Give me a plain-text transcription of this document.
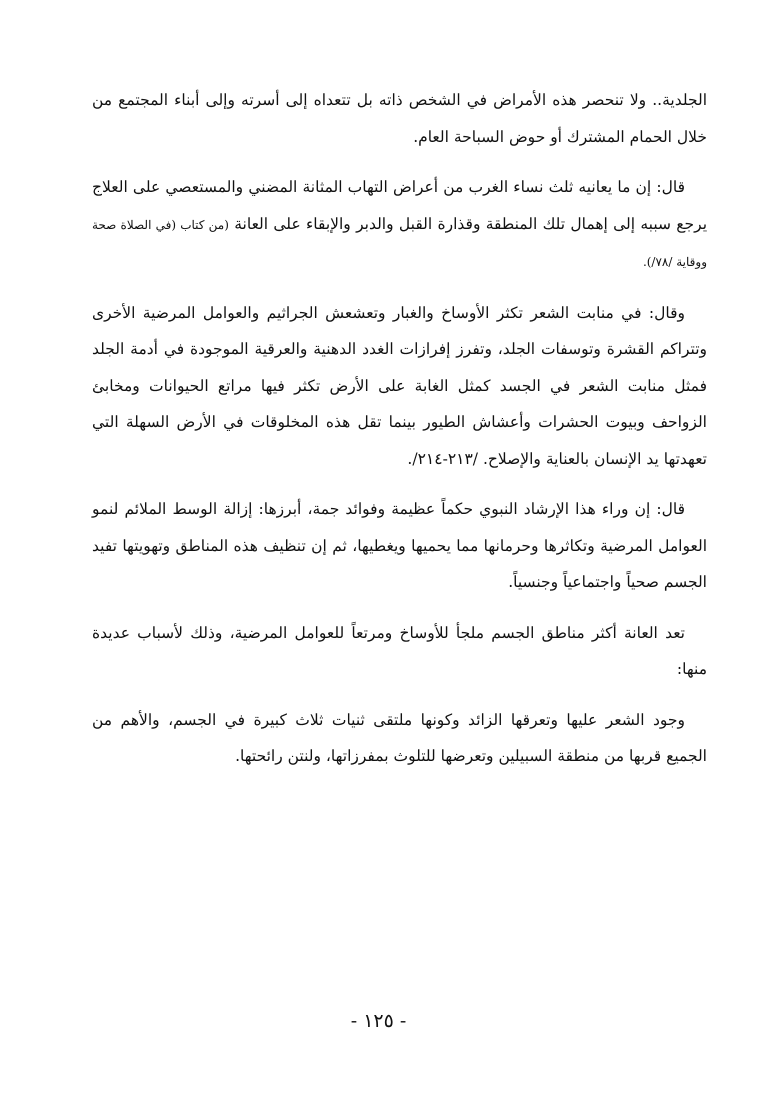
الجلدية.. ولا تنحصر هذه الأمراض في الشخص ذاته بل تتعداه إلى أسرته وإلى أبناء المجتمع من خلال الحمام المشترك أو حوض السباحة العام.

قال: إن ما يعانيه ثلث نساء الغرب من أعراض التهاب المثانة المضني والمستعصي على العلاج يرجع سببه إلى إهمال تلك المنطقة وقذارة القبل والدبر والإبقاء على العانة (من كتاب (في الصلاة صحة ووقاية /٧٨/).

وقال: في منابت الشعر تكثر الأوساخ والغبار وتعشعش الجراثيم والعوامل المرضية الأخرى وتتراكم القشرة وتوسفات الجلد، وتفرز إفرازات الغدد الدهنية والعرقية الموجودة في أدمة الجلد فمثل منابت الشعر في الجسد كمثل الغابة على الأرض تكثر فيها مراتع الحيوانات ومخابئ الزواحف وبيوت الحشرات وأعشاش الطيور بينما تقل هذه المخلوقات في الأرض السهلة التي تعهدتها يد الإنسان بالعناية والإصلاح. /٢١٣-٢١٤/.

قال: إن وراء هذا الإرشاد النبوي حكماً عظيمة وفوائد جمة، أبرزها: إزالة الوسط الملائم لنمو العوامل المرضية وتكاثرها وحرمانها مما يحميها ويغطيها، ثم إن تنظيف هذه المناطق وتهويتها تفيد الجسم صحياً واجتماعياً وجنسياً.

تعد العانة أكثر مناطق الجسم ملجأ للأوساخ ومرتعاً للعوامل المرضية، وذلك لأسباب عديدة منها:

وجود الشعر عليها وتعرقها الزائد وكونها ملتقى ثنيات ثلاث كبيرة في الجسم، والأهم من الجميع قربها من منطقة السبيلين وتعرضها للتلوث بمفرزاتها، ولنتن رائحتها.

- ١٢٥ -
